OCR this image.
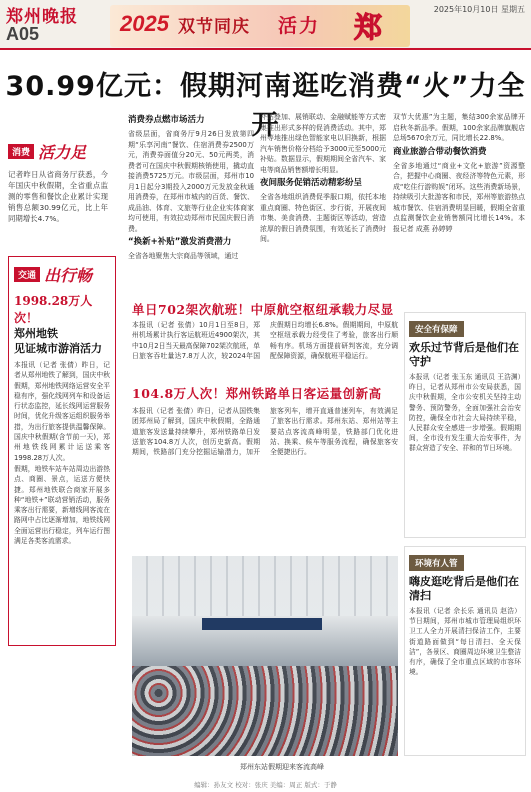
郑州晚报
A05	2025 双节同庆 活力 郑
2025年10月10日 星期五
30.99亿元：假期河南逛吃消费“火”力全开
消费 活力足
记者昨日从省商务厅获悉，今年国庆中秋假期，全省重点监测的零售和餐饮企业累计实现销售总额30.99亿元，比上年同期增长4.7%。
交通 出行畅
1998.28万人次！
郑州地铁
见证城市游消活力

本报讯（记者 张倩）昨日，记者从郑州地铁了解到，国庆中秋假期，郑州地铁网络运营安全平稳有序，强化线网列车和设备运行状态监控，延长线网运营服务时间，优化升级客运组织服务举措，为出行旅客提供温馨保障。国庆中秋假期(含节前一天)，郑州地铁线网累计运送乘客1998.28万人次。

假期，地铁车站车站周边出游热点、商圈、景点，运送方便快捷。郑州地铁联合商家开展多种“地铁+”联动营销活动，服务乘客出行需要，新增线网客流在路网中占比逐渐增加，地铁线网全面运营出行稳定，列车运行图满足各类客流需求。

消费券点燃市场活力

省级层面，省商务厅9月26日发放第四期“乐享河南”餐饮、住宿消费券2500万元，消费券面值分20元、50元两类，消费者可在国庆中秋假期核销使用，撬动直接消费5725万元。市级层面，郑州市10月1日起分3期投入2000万元发放金秋通用消费券，在郑州市城内的百货、餐饮、成品油、体育、文旅等行业企业实体商家均可使用，有效拉动郑州市民国庆假日消费。

“换新+补贴”激发消费潜力

全省各地聚焦大宗商品等领域，通过

补贴叠加、展销联动、金融赋能等方式密集推出形式多样的促消费活动。其中，郑州等地推出绿色智能家电以旧换新，根据汽车销售价格分档给予3000元至5000元补贴。数据显示，假期期间全省汽车、家电等商品销售额增长明显。

夜间服务促销活动精彩纷呈

全省各地组织消费促季服口期，依托本地重点商圈、特色街区、步行街，开展夜间市集、美食消费、主题街区等活动，营造浓厚的假日消费氛围，有效延长了消费时间。

双节大优惠”为主题，集结300余家品牌开启秋冬新品季。假期，100余家品牌旗舰店总场5670余万元，同比增长22.8%。

商业旅游合带动餐饮消费

全省多地通过“商业+文化+旅游”资源整合，把握中心商圈、夜经济等特色元素，形成“吃住行游购娱”闭环。这些消费新场景，持续吸引大批游客和市民，郑州等旅游热点城市餐饮、住宿消费明显回暖，假期全省重点监测餐饮企业销售额同比增长14%。本报记者 成燕 孙婷婷

单日702架次航班！中原航空枢纽承载力尽显
本报讯（记者 张倩）10月1日至8日，郑州机场累计执行客运航班近4900架次，其中10月2日当天最高保障702架次航班，单日旅客吞吐量达7.8万人次，较2024年国庆假期日均增长6.8%。假期期间，中原航空枢纽承载力经受住了考验，旅客出行顺畅有序。机场方面提前研判客流，充分调配保障资源，确保航班平稳运行。
104.8万人次！郑州铁路单日客运量创新高
本报讯（记者 张倩）昨日，记者从国铁集团郑州局了解到，国庆中秋假期，全路通道旅客发送量持续攀升，郑州铁路单日发送旅客104.8万人次，创历史新高。假期期间，铁路部门充分挖掘运输潜力，加开旅客列车，增开直通普速列车，有效满足了旅客出行需求。郑州东站、郑州站等主要站点客流高峰明显，铁路部门优化进站、换乘、候车等服务流程，确保旅客安全便捷出行。
郑州东站假期迎来客流高峰
安全有保障
欢乐过节背后是他们在守护

本报讯（记者 张玉东 通讯员 王浩渊）昨日，记者从郑州市公安局获悉，国庆中秋假期，全市公安机关坚持主动警务、预防警务，全面加强社会治安防控，确保全市社会大局持续平稳，人民群众安全感进一步增强。假期期间，全市没有发生重大治安事件，为群众营造了安全、祥和的节日环境。

环境有人管
嗨皮逛吃背后是他们在清扫

本报讯（记者 佘长乐 通讯员 赵浩）节日期间，郑州市城市管理局组织环卫工人全力开展清扫保洁工作，主要街道路面做到“每日清扫、全天保洁”，各景区、商圈周边环境卫生整洁有序，确保了全市重点区域的市容环境。

编辑：孙友文 校对：张庆 美编：周正 版式：于静
